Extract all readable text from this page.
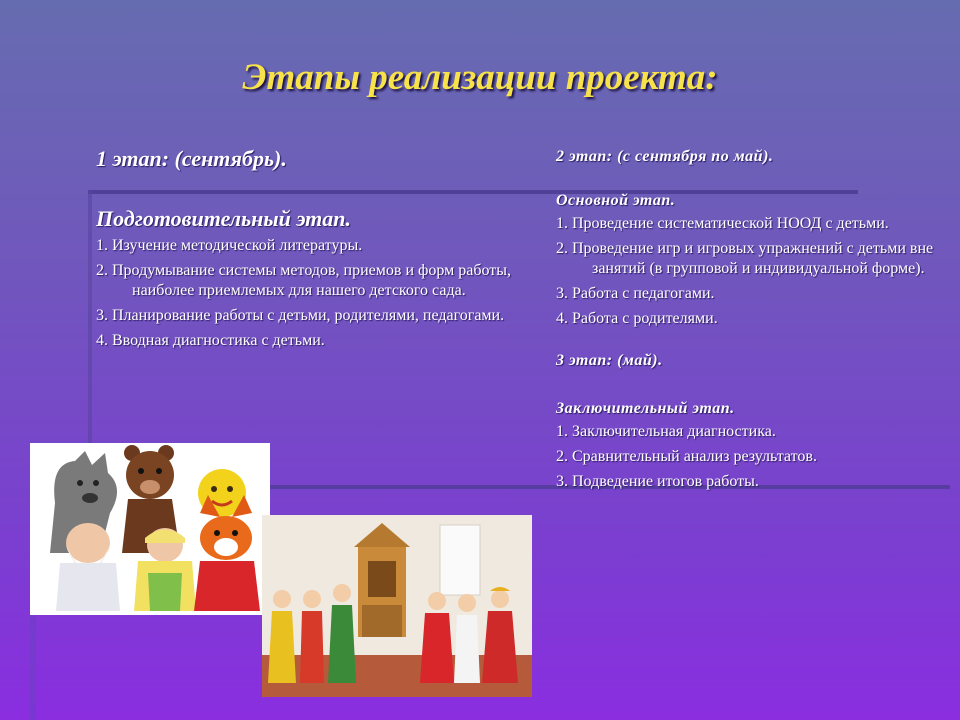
Этапы реализации проекта:
1 этап: (сентябрь).
Подготовительный этап.
1. Изучение методической литературы.
2. Продумывание системы методов, приемов и форм работы, наиболее приемлемых для нашего детского сада.
3. Планирование работы с детьми, родителями, педагогами.
4. Вводная диагностика с детьми.
2 этап: (с сентября по май).
Основной этап.
1. Проведение систематической НООД с детьми.
2. Проведение игр и игровых упражнений с детьми вне занятий (в групповой и индивидуальной форме).
3. Работа с педагогами.
4. Работа с родителями.
3 этап: (май).
Заключительный этап.
1. Заключительная диагностика.
2. Сравнительный анализ результатов.
3. Подведение итогов работы.
